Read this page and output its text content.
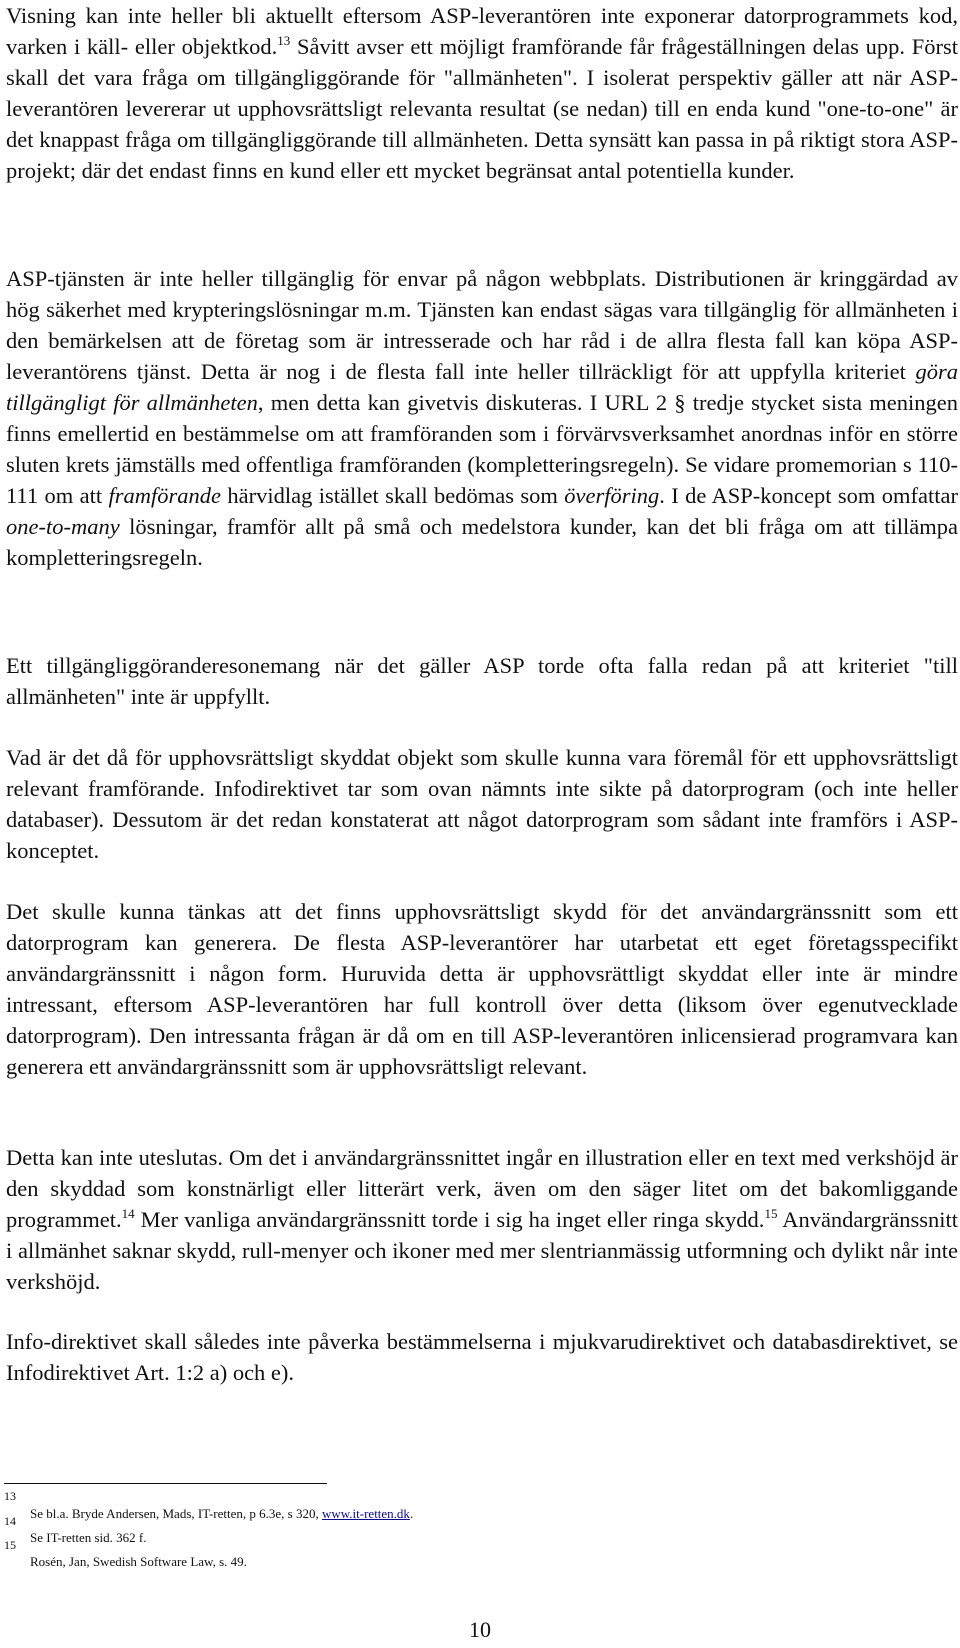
Visning kan inte heller bli aktuellt eftersom ASP-leverantören inte exponerar datorprogrammets kod, varken i käll- eller objektkod.$^{13}$ Såvitt avser ett möjligt framförande får frågeställningen delas upp. Först skall det vara fråga om tillgängliggörande för "allmänheten". I isolerat perspektiv gäller att när ASP-leverantören levererar ut upphovsrättsligt relevanta resultat (se nedan) till en enda kund "one-to-one" är det knappast fråga om tillgängliggörande till allmänheten. Detta synsätt kan passa in på riktigt stora ASP-projekt; där det endast finns en kund eller ett mycket begränsat antal potentiella kunder.

ASP-tjänsten är inte heller tillgänglig för envar på någon webbplats. Distributionen är kringgärdad av hög säkerhet med krypteringslösningar m.m. Tjänsten kan endast sägas vara tillgänglig för allmänheten i den bemärkelsen att de företag som är intresserade och har råd i de allra flesta fall kan köpa ASP-leverantörens tjänst. Detta är nog i de flesta fall inte heller tillräckligt för att uppfylla kriteriet göra tillgängligt för allmänheten, men detta kan givetvis diskuteras. I URL 2 § tredje stycket sista meningen finns emellertid en bestämmelse om att framföranden som i förvärvsverksamhet anordnas inför en större sluten krets jämställs med offentliga framföranden (kompletteringsregeln). Se vidare promemorian s 110-111 om att framförande härvidlag istället skall bedömas som överföring. I de ASP-koncept som omfattar one-to-many lösningar, framför allt på små och medelstora kunder, kan det bli fråga om att tillämpa kompletteringsregeln.

Ett tillgängliggöranderesonemang när det gäller ASP torde ofta falla redan på att kriteriet "till allmänheten" inte är uppfyllt.

Vad är det då för upphovsrättsligt skyddat objekt som skulle kunna vara föremål för ett upphovsrättsligt relevant framförande. Infodirektivet tar som ovan nämnts inte sikte på datorprogram (och inte heller databaser). Dessutom är det redan konstaterat att något datorprogram som sådant inte framförs i ASP-konceptet.

Det skulle kunna tänkas att det finns upphovsrättsligt skydd för det användargränssnitt som ett datorprogram kan generera. De flesta ASP-leverantörer har utarbetat ett eget företagsspecifikt användargränssnitt i någon form. Huruvida detta är upphovsrättligt skyddat eller inte är mindre intressant, eftersom ASP-leverantören har full kontroll över detta (liksom över egenutvecklade datorprogram). Den intressanta frågan är då om en till ASP-leverantören inlicensierad programvara kan generera ett användargränssnitt som är upphovsrättsligt relevant.

Detta kan inte uteslutas. Om det i användargränssnittet ingår en illustration eller en text med verkshöjd är den skyddad som konstnärligt eller litterärt verk, även om den säger litet om det bakomliggande programmet.$^{14}$ Mer vanliga användargränssnitt torde i sig ha inget eller ringa skydd.$^{15}$ Användargränssnitt i allmänhet saknar skydd, rull-menyer och ikoner med mer slentrianmässig utformning och dylikt når inte verkshöjd.

Info-direktivet skall således inte påverka bestämmelserna i mjukvarudirektivet och databasdirektivet, se Infodirektivet Art. 1:2 a) och e).

13
Se bl.a. Bryde Andersen, Mads, IT-retten, p 6.3e, s 320, www.it-retten.dk.
14
Se IT-retten sid. 362 f.
15
Rosén, Jan, Swedish Software Law, s. 49.
10
